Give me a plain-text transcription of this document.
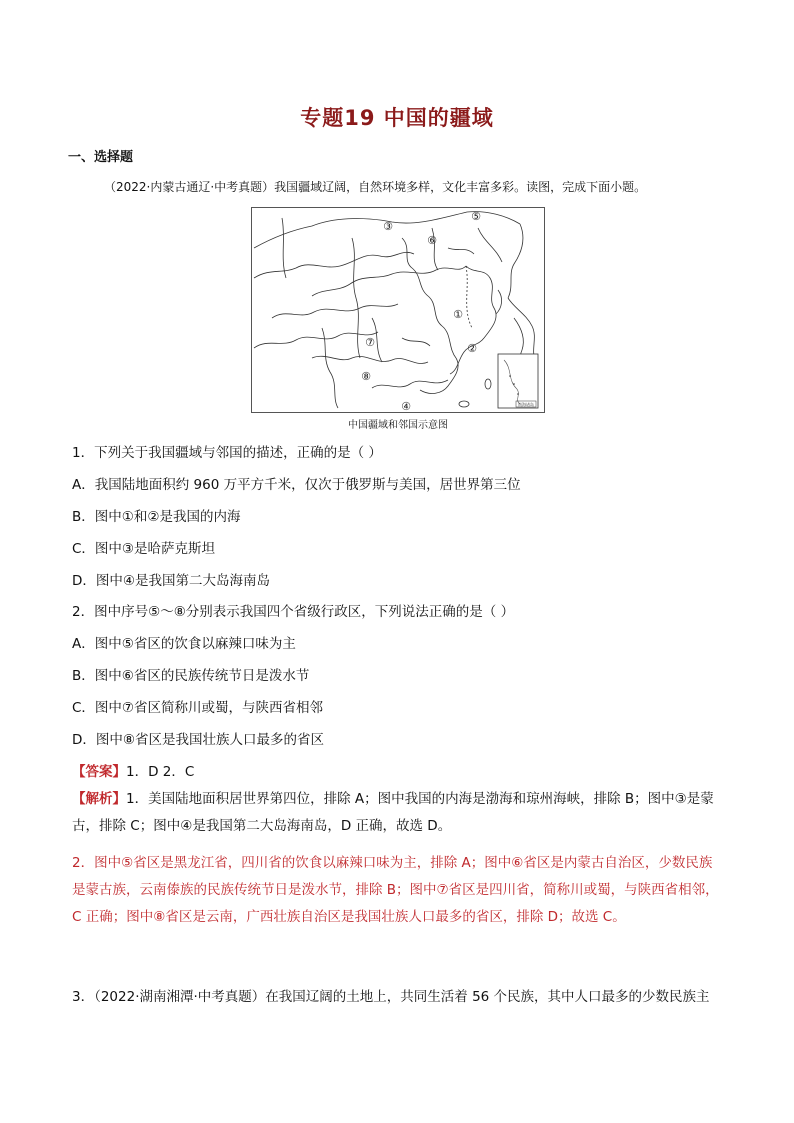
专题19 中国的疆域
一、选择题
（2022·内蒙古通辽·中考真题）我国疆域辽阔，自然环境多样，文化丰富多彩。读图，完成下面小题。
南海诸岛
③
⑥
⑤
①
②
⑦
⑧
④
中国疆域和邻国示意图
1．下列关于我国疆域与邻国的描述，正确的是（ ）
A．我国陆地面积约 960 万平方千米，仅次于俄罗斯与美国，居世界第三位
B．图中①和②是我国的内海
C．图中③是哈萨克斯坦
D．图中④是我国第二大岛海南岛
2．图中序号⑤～⑧分别表示我国四个省级行政区，下列说法正确的是（ ）
A．图中⑤省区的饮食以麻辣口味为主
B．图中⑥省区的民族传统节日是泼水节
C．图中⑦省区简称川或蜀，与陕西省相邻
D．图中⑧省区是我国壮族人口最多的省区
【答案】1．D 2．C
【解析】1．美国陆地面积居世界第四位，排除 A；图中我国的内海是渤海和琼州海峡，排除 B；图中③是蒙古，排除 C；图中④是我国第二大岛海南岛，D 正确，故选 D。
2．图中⑤省区是黑龙江省，四川省的饮食以麻辣口味为主，排除 A；图中⑥省区是内蒙古自治区，少数民族是蒙古族，云南傣族的民族传统节日是泼水节，排除 B；图中⑦省区是四川省，简称川或蜀，与陕西省相邻，C 正确；图中⑧省区是云南，广西壮族自治区是我国壮族人口最多的省区，排除 D；故选 C。
3．（2022·湖南湘潭·中考真题）在我国辽阔的土地上，共同生活着 56 个民族，其中人口最多的少数民族主
